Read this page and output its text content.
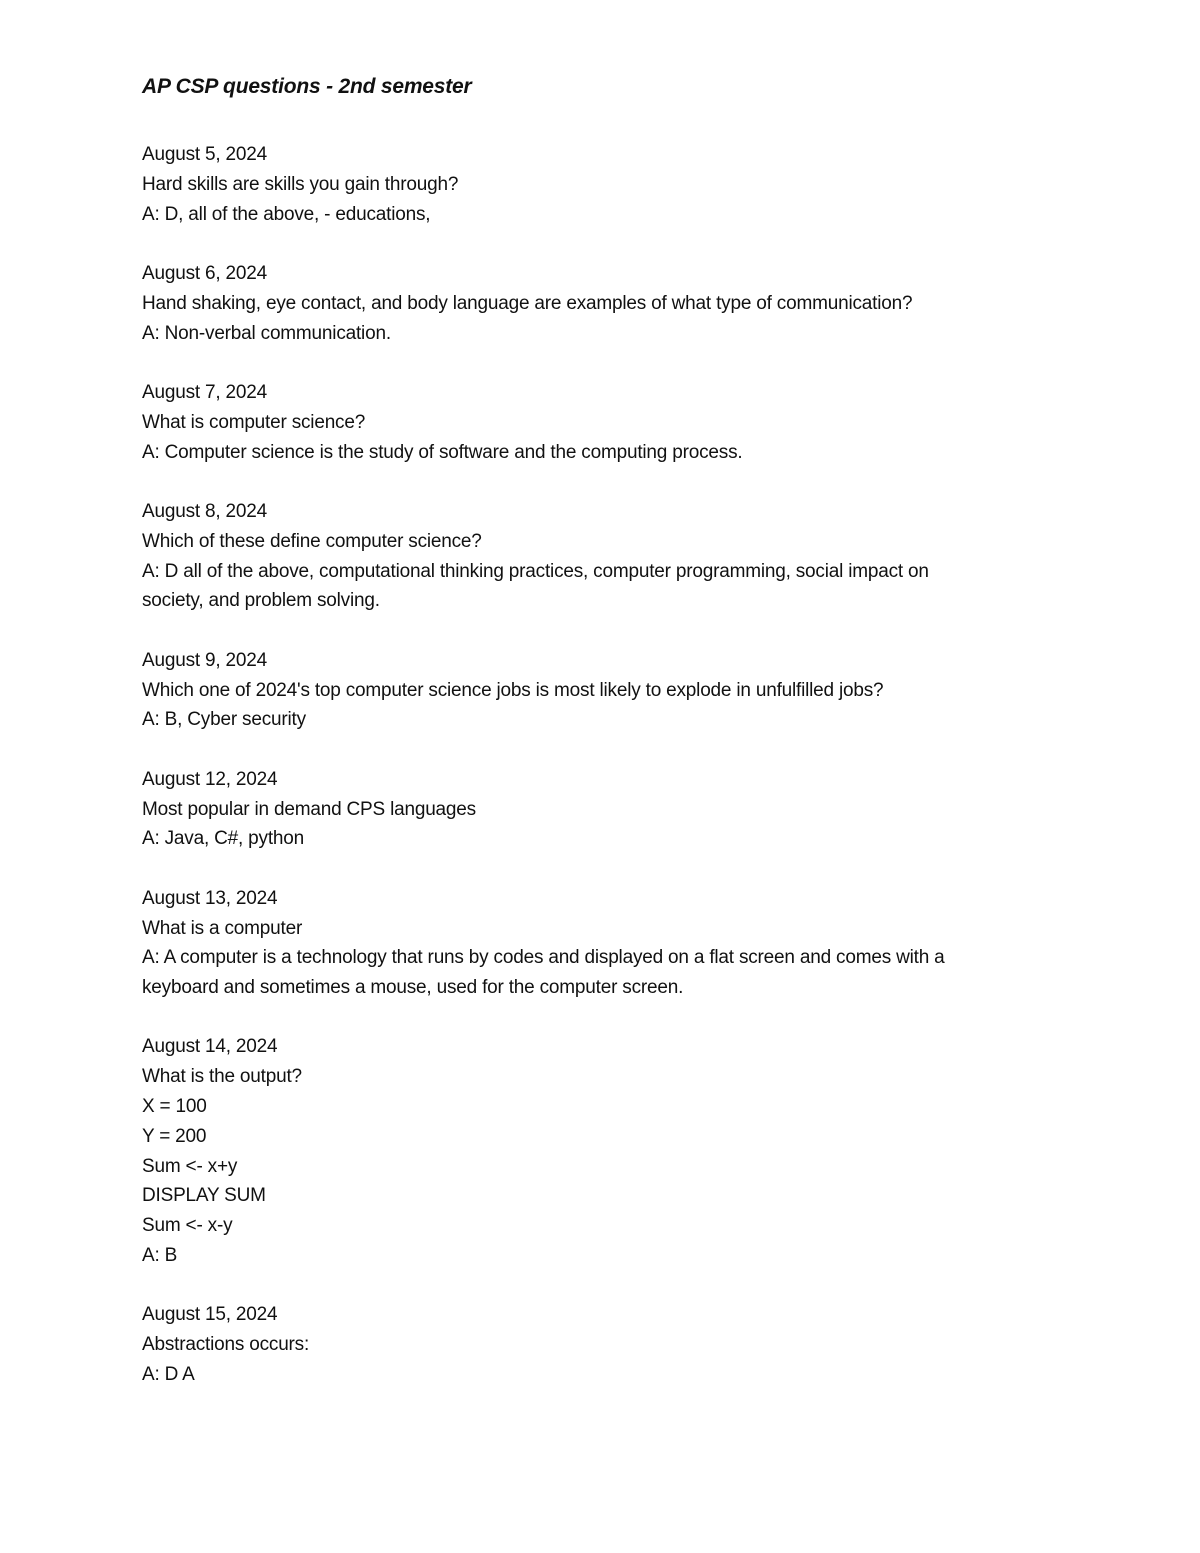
AP CSP questions - 2nd semester

August 5, 2024

Hard skills are skills you gain through?

A: D, all of the above, - educations,

August 6, 2024

Hand shaking, eye contact, and body language are examples of what type of communication?

A: Non-verbal communication.

August 7, 2024

What is computer science?

A: Computer science is the study of software and the computing process.

August 8, 2024

Which of these define computer science?

A: D all of the above, computational thinking practices, computer programming, social impact on

society, and problem solving.

August 9, 2024

Which one of 2024's top computer science jobs is most likely to explode in unfulfilled jobs?

A: B, Cyber security

August 12, 2024

Most popular in demand CPS languages

A: Java, C#, python

August 13, 2024

What is a computer

A: A computer is a technology that runs by codes and displayed on a flat screen and comes with a

keyboard and sometimes a mouse, used for the computer screen.

August 14, 2024

What is the output?

X = 100

Y = 200

Sum <- x+y

DISPLAY SUM

Sum <- x-y

A: B

August 15, 2024

Abstractions occurs:

A: D A
